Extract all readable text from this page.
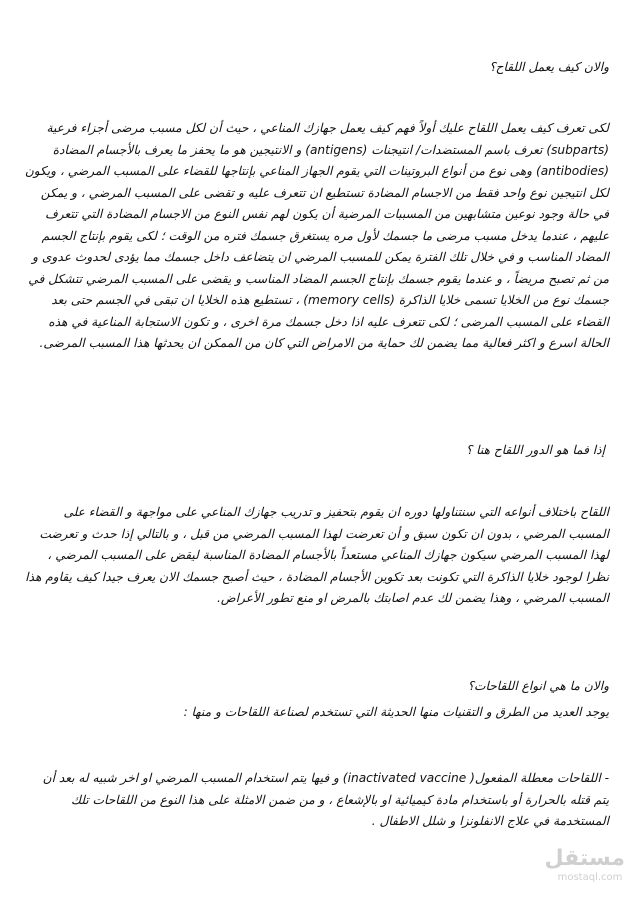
والان كيف يعمل اللقاح؟
لكى تعرف كيف يعمل اللقاح عليك أولاً فهم كيف يعمل جهازك المناعي ، حيث أن لكل مسبب مرضى أجزاء فرعية (subparts) تعرف باسم المستضدات/ انتيجنات (antigens) و الانتيجين هو ما يحفز ما يعرف بالأجسام المضادة (antibodies) وهى نوع من أنواع البروتينات التي يقوم الجهاز المناعي بإنتاجها للقضاء على المسبب المرضي ، ويكون لكل انتيجين نوع واحد فقط من الاجسام المضادة تستطيع ان تتعرف عليه و تقضى على المسبب المرضي ، و يمكن في حالة وجود نوعين متشابهين من المسببات المرضية أن يكون لهم نفس النوع من الاجسام المضادة التي تتعرف عليهم ، عندما يدخل مسبب مرضى ما جسمك لأول مره يستغرق جسمك فتره من الوقت ؛ لكى يقوم بإنتاج الجسم المضاد المناسب و في خلال تلك الفترة يمكن للمسبب المرضي ان يتضاعف داخل جسمك مما يؤدى لحدوث عدوى و من ثم تصبح مريضاً ، و عندما يقوم جسمك بإنتاج الجسم المضاد المناسب و يقضى على المسبب المرضي تتشكل في جسمك نوع من الخلايا تسمى خلايا الذاكرة (memory cells) ، تستطيع هذه الخلايا ان تبقى في الجسم حتى بعد القضاء على المسبب المرضى ؛ لكى تتعرف عليه اذا دخل جسمك مرة اخرى ، و تكون الاستجابة المناعية في هذه الحالة اسرع و اكثر فعالية مما يضمن لك حماية من الامراض التي كان من الممكن ان يحدثها هذا المسبب المرضى.
إذا فما هو الدور اللقاح هنا ؟
اللقاح باختلاف أنواعه التي سنتناولها دوره ان يقوم بتحفيز و تدريب جهازك المناعي على مواجهة و القضاء على المسبب المرضي ، بدون ان تكون سبق و أن تعرضت لهذا المسبب المرضي من قبل ، و بالتالي إذا حدث و تعرضت لهذا المسبب المرضي سيكون جهازك المناعي مستعداً بالأجسام المضادة المناسبة ليقض على المسبب المرضي ، نظرا لوجود خلايا الذاكرة التي تكونت بعد تكوين الأجسام المضادة ، حيث أصبح جسمك الان يعرف جيدا كيف يقاوم هذا المسبب المرضي ، وهذا يضمن لك عدم اصابتك بالمرض او منع تطور الأعراض.
والان ما هي انواع اللقاحات؟
يوجد العديد من الطرق و التقنيات منها الحديثة التي تستخدم لصناعة اللقاحات و منها :
- اللقاحات معطلة المفعول( inactivated vaccine) و فيها يتم استخدام المسبب المرضي او اخر شبيه له بعد أن يتم قتله بالحرارة أو باستخدام مادة كيميائية او بالإشعاع ، و من ضمن الامثلة على هذا النوع من اللقاحات تلك المستخدمة في علاج الانفلونزا و شلل الاطفال .
مستقل
mostaql.com
